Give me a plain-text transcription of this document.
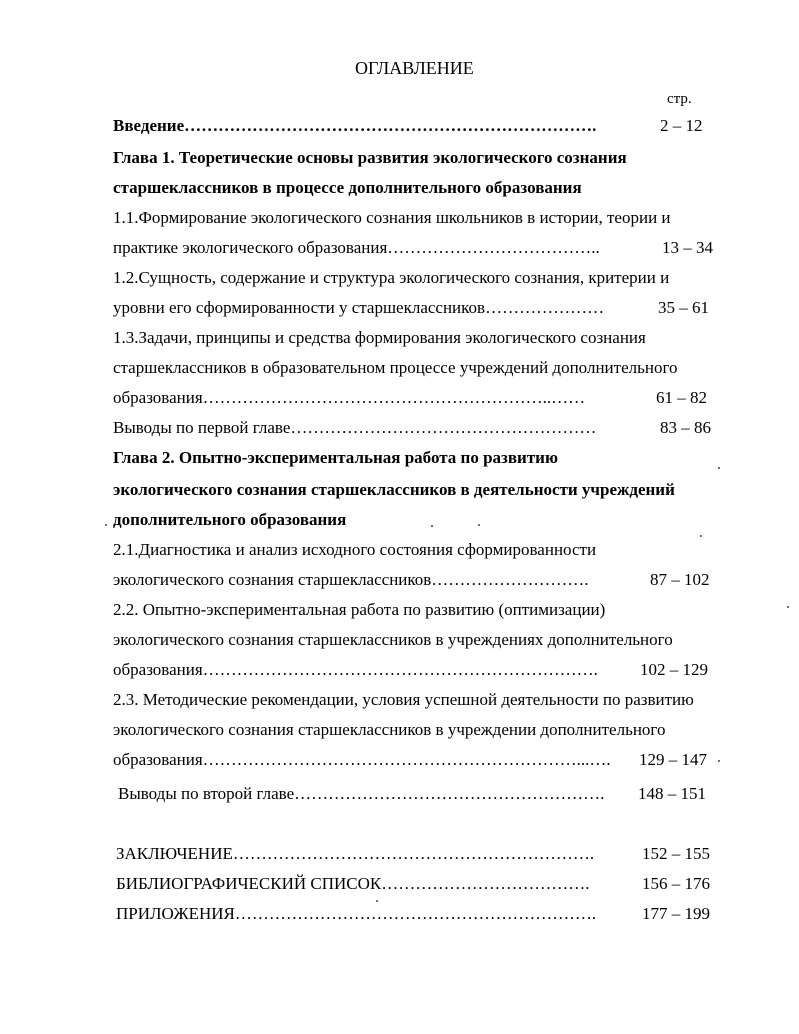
ОГЛАВЛЕНИЕ
стр.
Введение……………………………………………………………….	2 – 12
Глава 1. Теоретические основы развития экологического сознания
старшеклассников в процессе дополнительного образования
1.1.Формирование экологического сознания школьников в истории, теории и
практике экологического образования………………………………..	13 – 34
1.2.Сущность, содержание и структура экологического сознания, критерии и
уровни его сформированности у старшеклассников…………………	35 – 61
1.3.Задачи, принципы и средства формирования экологического сознания
старшеклассников в образовательном процессе учреждений дополнительного
образования……………………………………………………..……	61 – 82
Выводы по первой главе………………………………………………	83 – 86
Глава 2. Опытно-экспериментальная работа по развитию
экологического сознания старшеклассников в деятельности учреждений
дополнительного образования
2.1.Диагностика и анализ исходного состояния сформированности
экологического сознания старшеклассников……………………….	87 – 102
2.2. Опытно-экспериментальная работа по развитию (оптимизации)
экологического сознания старшеклассников в учреждениях дополнительного
образования…………………………………………………………….	102 – 129
2.3. Методические рекомендации, условия успешной деятельности по развитию
экологического сознания старшеклассников в учреждении дополнительного
образования…………………………………………………………...….	129 – 147
Выводы по второй главе……………………………………………….	148 – 151
ЗАКЛЮЧЕНИЕ……………………………………………………….	152 – 155
БИБЛИОГРАФИЧЕСКИЙ СПИСОК……………………………….	156 – 176
ПРИЛОЖЕНИЯ……………………………………………………….	177 – 199
